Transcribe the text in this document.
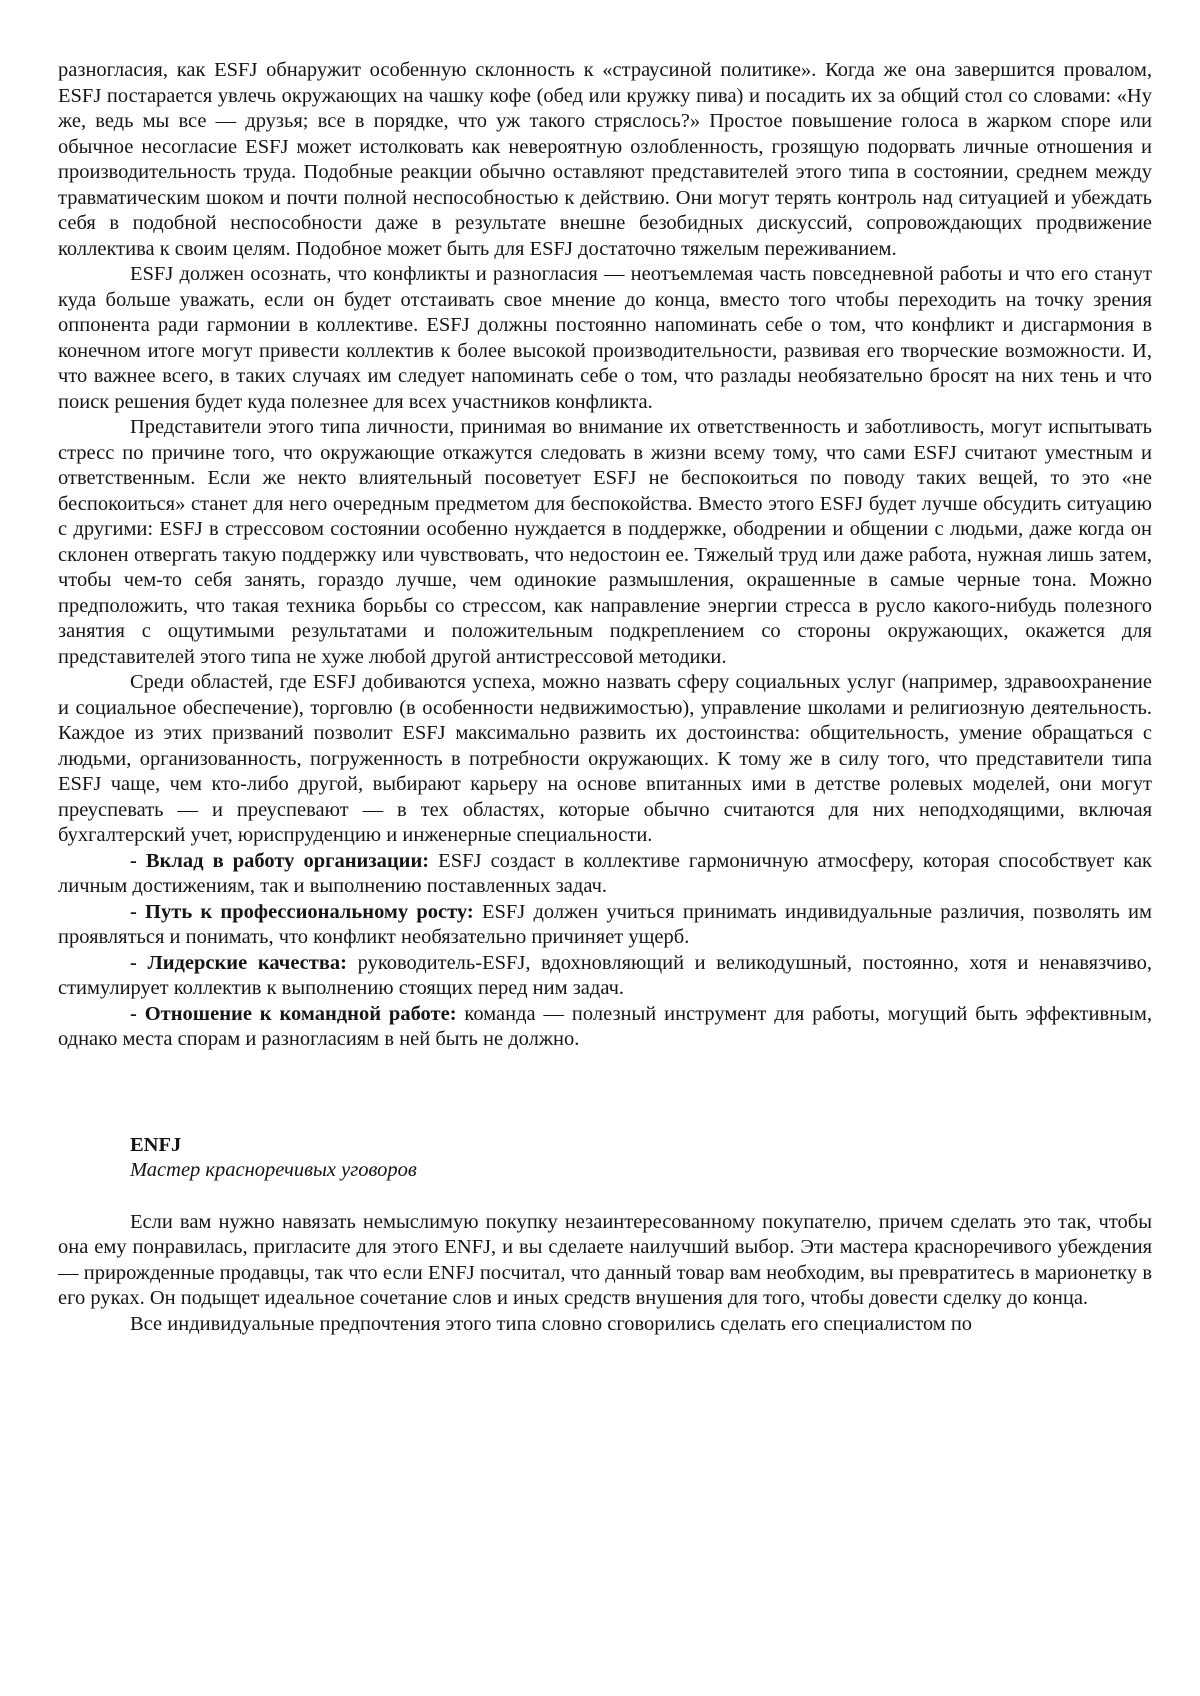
разногласия, как ESFJ обнаружит особенную склонность к «страусиной политике». Когда же она завершится провалом, ESFJ постарается увлечь окружающих на чашку кофе (обед или кружку пива) и посадить их за общий стол со словами: «Ну же, ведь мы все — друзья; все в порядке, что уж такого стряслось?» Простое повышение голоса в жарком споре или обычное несогласие ESFJ может истолковать как невероятную озлобленность, грозящую подорвать личные отношения и производительность труда. Подобные реакции обычно оставляют представителей этого типа в состоянии, среднем между травматическим шоком и почти полной неспособностью к действию. Они могут терять контроль над ситуацией и убеждать себя в подобной неспособности даже в результате внешне безобидных дискуссий, сопровождающих продвижение коллектива к своим целям. Подобное может быть для ESFJ достаточно тяжелым переживанием.

ESFJ должен осознать, что конфликты и разногласия — неотъемлемая часть повседневной работы и что его станут куда больше уважать, если он будет отстаивать свое мнение до конца, вместо того чтобы переходить на точку зрения оппонента ради гармонии в коллективе. ESFJ должны постоянно напоминать себе о том, что конфликт и дисгармония в конечном итоге могут привести коллектив к более высокой производительности, развивая его творческие возможности. И, что важнее всего, в таких случаях им следует напоминать себе о том, что разлады необязательно бросят на них тень и что поиск решения будет куда полезнее для всех участников конфликта.

Представители этого типа личности, принимая во внимание их ответственность и заботливость, могут испытывать стресс по причине того, что окружающие откажутся следовать в жизни всему тому, что сами ESFJ считают уместным и ответственным. Если же некто влиятельный посоветует ESFJ не беспокоиться по поводу таких вещей, то это «не беспокоиться» станет для него очередным предметом для беспокойства. Вместо этого ESFJ будет лучше обсудить ситуацию с другими: ESFJ в стрессовом состоянии особенно нуждается в поддержке, ободрении и общении с людьми, даже когда он склонен отвергать такую поддержку или чувствовать, что недостоин ее. Тяжелый труд или даже работа, нужная лишь затем, чтобы чем-то себя занять, гораздо лучше, чем одинокие размышления, окрашенные в самые черные тона. Можно предположить, что такая техника борьбы со стрессом, как направление энергии стресса в русло какого-нибудь полезного занятия с ощутимыми результатами и положительным подкреплением со стороны окружающих, окажется для представителей этого типа не хуже любой другой антистрессовой методики.

Среди областей, где ESFJ добиваются успеха, можно назвать сферу социальных услуг (например, здравоохранение и социальное обеспечение), торговлю (в особенности недвижимостью), управление школами и религиозную деятельность. Каждое из этих призваний позволит ESFJ максимально развить их достоинства: общительность, умение обращаться с людьми, организованность, погруженность в потребности окружающих. К тому же в силу того, что представители типа ESFJ чаще, чем кто-либо другой, выбирают карьеру на основе впитанных ими в детстве ролевых моделей, они могут преуспевать — и преуспевают — в тех областях, которые обычно считаются для них неподходящими, включая бухгалтерский учет, юриспруденцию и инженерные специальности.

- Вклад в работу организации: ESFJ создаст в коллективе гармоничную атмосферу, которая способствует как личным достижениям, так и выполнению поставленных задач.

- Путь к профессиональному росту: ESFJ должен учиться принимать индивидуальные различия, позволять им проявляться и понимать, что конфликт необязательно причиняет ущерб.

- Лидерские качества: руководитель-ESFJ, вдохновляющий и великодушный, постоянно, хотя и ненавязчиво, стимулирует коллектив к выполнению стоящих перед ним задач.

- Отношение к командной работе: команда — полезный инструмент для работы, могущий быть эффективным, однако места спорам и разногласиям в ней быть не должно.

ENFJ
Мастер красноречивых уговоров

Если вам нужно навязать немыслимую покупку незаинтересованному покупателю, причем сделать это так, чтобы она ему понравилась, пригласите для этого ENFJ, и вы сделаете наилучший выбор. Эти мастера красноречивого убеждения — прирожденные продавцы, так что если ENFJ посчитал, что данный товар вам необходим, вы превратитесь в марионетку в его руках. Он подыщет идеальное сочетание слов и иных средств внушения для того, чтобы довести сделку до конца.

Все индивидуальные предпочтения этого типа словно сговорились сделать его специалистом по
